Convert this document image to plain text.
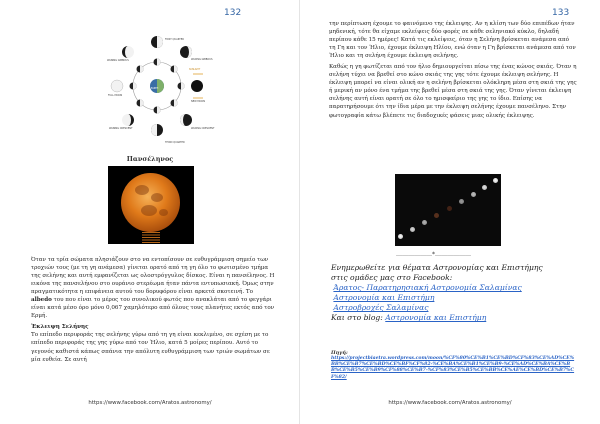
132
FIRST QUARTER
WAXING GIBBOUS
NEW MOON
WAXING CRESCENT
FULL MOON
WANING GIBBOUS
WANING CRESCENT
THIRD QUARTER
EARTH
SUNLIGHT
Πανσέληνος

Όταν τα τρία σώματα πλησιάζουν στο να εντοπίσουν σε ευθυγράμμιση σημείο των τροχιών τους (με τη γη ανάμεσα) γίνεται ορατό από τη γη όλο το φωτισμένο τμήμα της σελήνης και αυτή εμφανίζεται ως ολοστρόγγυλος δίσκος. Είναι η πανσέληνος. Η εικόνα της πανσελήνου στο ουράνιο στερέωμα ήταν πάντα εντυπωσιακή. Όμως στην πραγματικότητα η επιφάνεια αυτού του δορυφόρου είναι αρκετά σκοτεινή. Το albedo του που είναι το μέρος του συνολικού φωτός που ανακλάται από το φεγγάρι είναι κατά μέσο όρο μόνο 0,067 χαμηλότερο από όλους τους πλανήτες εκτός από τον Ερμή.

Έκλειψη Σελήνης

Το επίπεδο περιφοράς της σελήνης γύρω από τη γη είναι κεκλιμένο, σε σχέση με το επίπεδο περιφοράς της γης γύρω από τον Ήλιο, κατά 5 μοίρες περίπου. Αυτό το γεγονός καθιστά κάπως σπάνια την απόλυτη ευθυγράμμιση των τριών σωμάτων σε μία ευθεία. Σε αυτή

https://www.facebook.com/Aratos.astronomy/
133

την περίπτωση έχουμε το φαινόμενο της έκλειψης. Αν η κλίση των δύο επιπέδων ήταν μηδενική, τότε θα είχαμε εκλείψεις δύο φορές σε κάθε σεληνιακό κύκλο, δηλαδή περίπου κάθε 15 ημέρες! Κατά τις εκλείψεις, όταν η Σελήνη βρίσκεται ανάμεσα από τη Γη και τον Ήλιο, έχουμε έκλειψη Ηλίου, ενώ όταν η Γη βρίσκεται ανάμεσα από τον Ήλιο και τη σελήνη έχουμε έκλειψη σελήνης.

Καθώς η γη φωτίζεται από τον ήλιο δημιουργείται πίσω της ένας κώνος σκιάς. Όταν η σελήνη τύχει να βρεθεί στο κώνο σκιάς της γης τότε έχουμε έκλειψη σελήνης. Η έκλειψη μπορεί να είναι ολική αν η σελήνη βρίσκεται ολόκληρη μέσα στη σκιά της γης ή μερική αν μόνο ένα τμήμα της βρεθεί μέσα στη σκιά της γης. Όταν γίνεται έκλειψη σελήνης αυτή είναι ορατή σε όλο το ημισφαίριο της γης το ίδιο. Επίσης να παρατηρήσουμε ότι την ίδια μέρα με την έκλειψη σελήνης έχουμε πανσέληνο. Στην φωτογραφία κάτω βλέπετε τις διαδοχικές φάσεις μιας ολικής έκλειψης.

………………*………………
Ενημερωθείτε για θέματα Αστρονομίας και Επιστήμης
στις ομάδες μας στο Facebook:
Άρατος- Παρατηρησιακή Αστρονομία Σαλαμίνας
Αστρονομία και Επιστήμη
Αστροβροχές Σαλαμίνας
Και στο blog: Αστρονομία και Επιστήμη
Πηγή:
https://projectbiaetra.wordpress.com/moon/%CF%80%CE%B1%CE%BD%CF%83%CE%AD%CE%BB%CE%B7%CE%BD%CE%BF%CF%82-%CE%BA%CE%B1%CE%B9-%CE%AD%CE%BA%CE%BB%CE%B5%CE%B9%CF%88%CE%B7-%CF%83%CE%B5%CE%BB%CE%AE%CE%BD%CE%B7%CF%82/
https://www.facebook.com/Aratos.astronomy/
